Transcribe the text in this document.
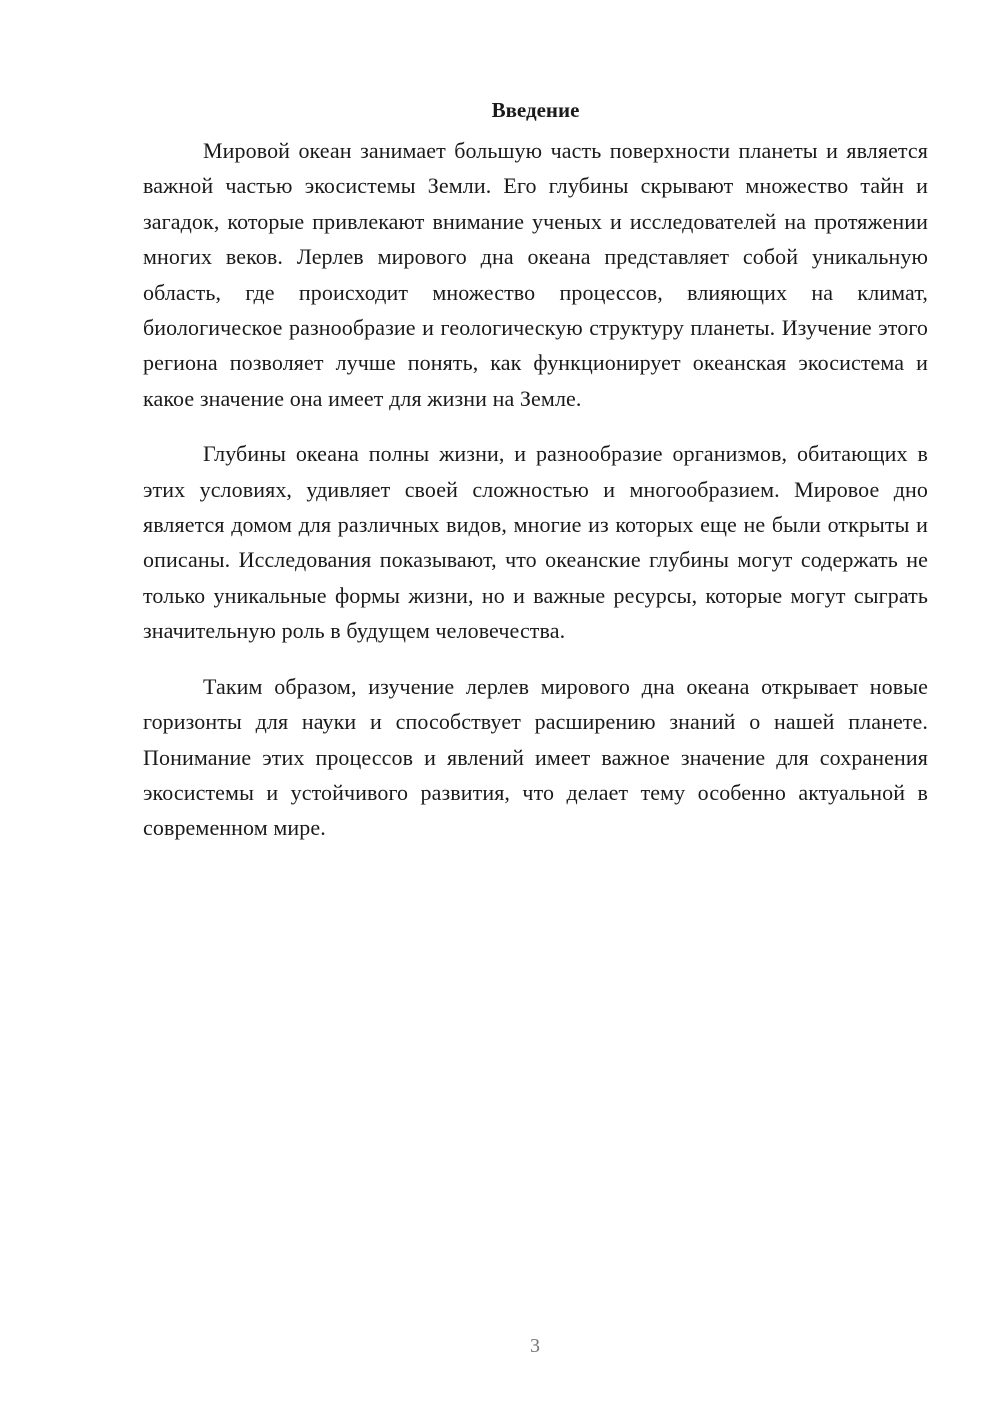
Введение

Мировой океан занимает большую часть поверхности планеты и является важной частью экосистемы Земли. Его глубины скрывают множество тайн и загадок, которые привлекают внимание ученых и исследователей на протяжении многих веков. Лерлев мирового дна океана представляет собой уникальную область, где происходит множество процессов, влияющих на климат, биологическое разнообразие и геологическую структуру планеты. Изучение этого региона позволяет лучше понять, как функционирует океанская экосистема и какое значение она имеет для жизни на Земле.

Глубины океана полны жизни, и разнообразие организмов, обитающих в этих условиях, удивляет своей сложностью и многообразием. Мировое дно является домом для различных видов, многие из которых еще не были открыты и описаны. Исследования показывают, что океанские глубины могут содержать не только уникальные формы жизни, но и важные ресурсы, которые могут сыграть значительную роль в будущем человечества.

Таким образом, изучение лерлев мирового дна океана открывает новые горизонты для науки и способствует расширению знаний о нашей планете. Понимание этих процессов и явлений имеет важное значение для сохранения экосистемы и устойчивого развития, что делает тему особенно актуальной в современном мире.

3
